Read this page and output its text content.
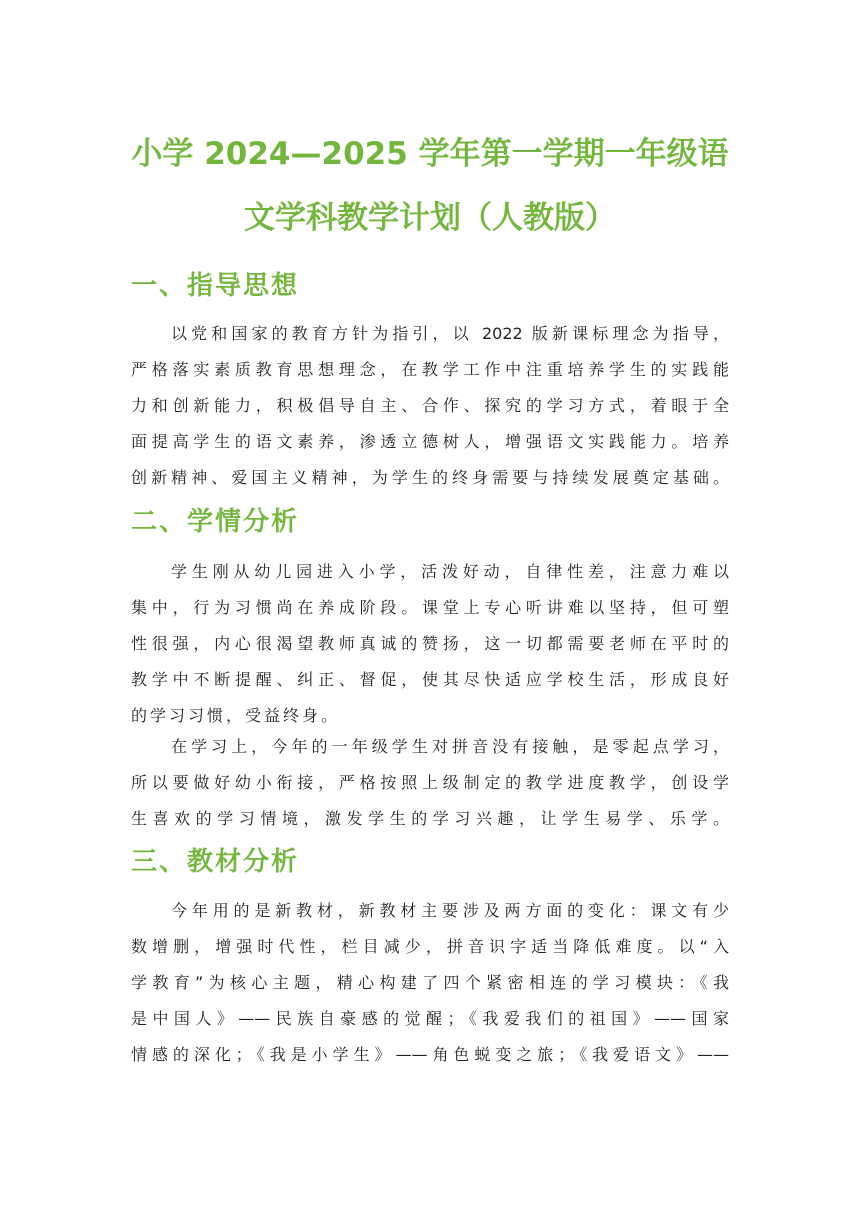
小学 2024—2025 学年第一学期一年级语
文学科教学计划（人教版）
一、指导思想
以党和国家的教育方针为指引，以 2022 版新课标理念为指导，
严格落实素质教育思想理念，在教学工作中注重培养学生的实践能
力和创新能力，积极倡导自主、合作、探究的学习方式，着眼于全
面提高学生的语文素养，渗透立德树人，增强语文实践能力。培养
创新精神、爱国主义精神，为学生的终身需要与持续发展奠定基础。
二、学情分析
学生刚从幼儿园进入小学，活泼好动，自律性差，注意力难以
集中，行为习惯尚在养成阶段。课堂上专心听讲难以坚持，但可塑
性很强，内心很渴望教师真诚的赞扬，这一切都需要老师在平时的
教学中不断提醒、纠正、督促，使其尽快适应学校生活，形成良好
的学习习惯，受益终身。
在学习上，今年的一年级学生对拼音没有接触，是零起点学习，
所以要做好幼小衔接，严格按照上级制定的教学进度教学，创设学
生喜欢的学习情境，激发学生的学习兴趣，让学生易学、乐学。
三、教材分析
今年用的是新教材，新教材主要涉及两方面的变化：课文有少
数增删，增强时代性，栏目减少，拼音识字适当降低难度。以“入
学教育”为核心主题，精心构建了四个紧密相连的学习模块：《我
是中国人》——民族自豪感的觉醒；《我爱我们的祖国》——国家
情感的深化；《我是小学生》——角色蜕变之旅；《我爱语文》——
